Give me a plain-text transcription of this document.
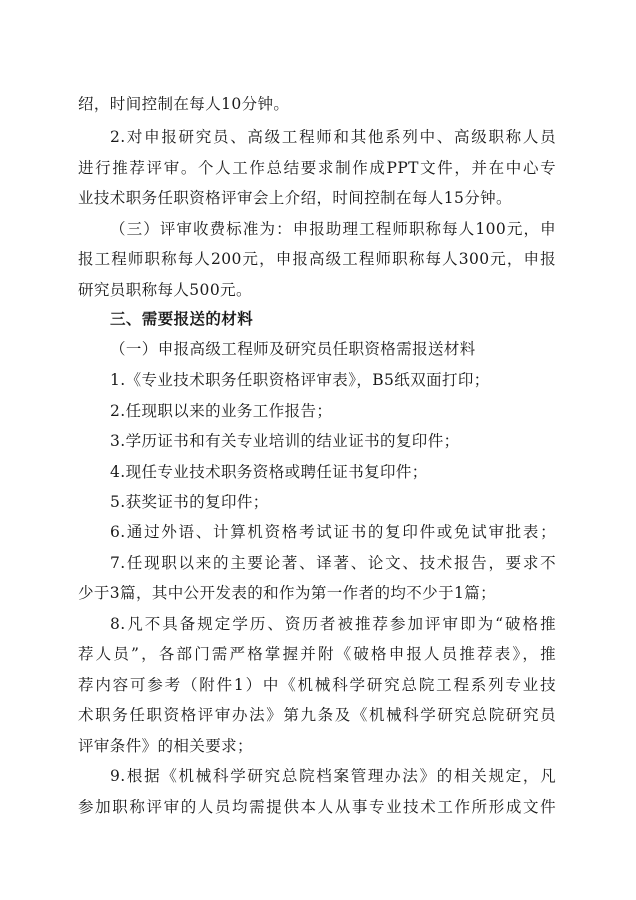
绍，时间控制在每人10分钟。
2.对申报研究员、高级工程师和其他系列中、高级职称人员
进行推荐评审。个人工作总结要求制作成PPT文件，并在中心专
业技术职务任职资格评审会上介绍，时间控制在每人15分钟。
（三）评审收费标准为：申报助理工程师职称每人100元，申
报工程师职称每人200元，申报高级工程师职称每人300元，申报
研究员职称每人500元。
三、需要报送的材料
（一）申报高级工程师及研究员任职资格需报送材料
1.《专业技术职务任职资格评审表》，B5纸双面打印；
2.任现职以来的业务工作报告；
3.学历证书和有关专业培训的结业证书的复印件；
4.现任专业技术职务资格或聘任证书复印件；
5.获奖证书的复印件；
6.通过外语、计算机资格考试证书的复印件或免试审批表；
7.任现职以来的主要论著、译著、论文、技术报告，要求不
少于3篇，其中公开发表的和作为第一作者的均不少于1篇；
8.凡不具备规定学历、资历者被推荐参加评审即为“破格推
荐人员”，各部门需严格掌握并附《破格申报人员推荐表》，推
荐内容可参考（附件1）中《机械科学研究总院工程系列专业技
术职务任职资格评审办法》第九条及《机械科学研究总院研究员
评审条件》的相关要求；
9.根据《机械科学研究总院档案管理办法》的相关规定，凡
参加职称评审的人员均需提供本人从事专业技术工作所形成文件
